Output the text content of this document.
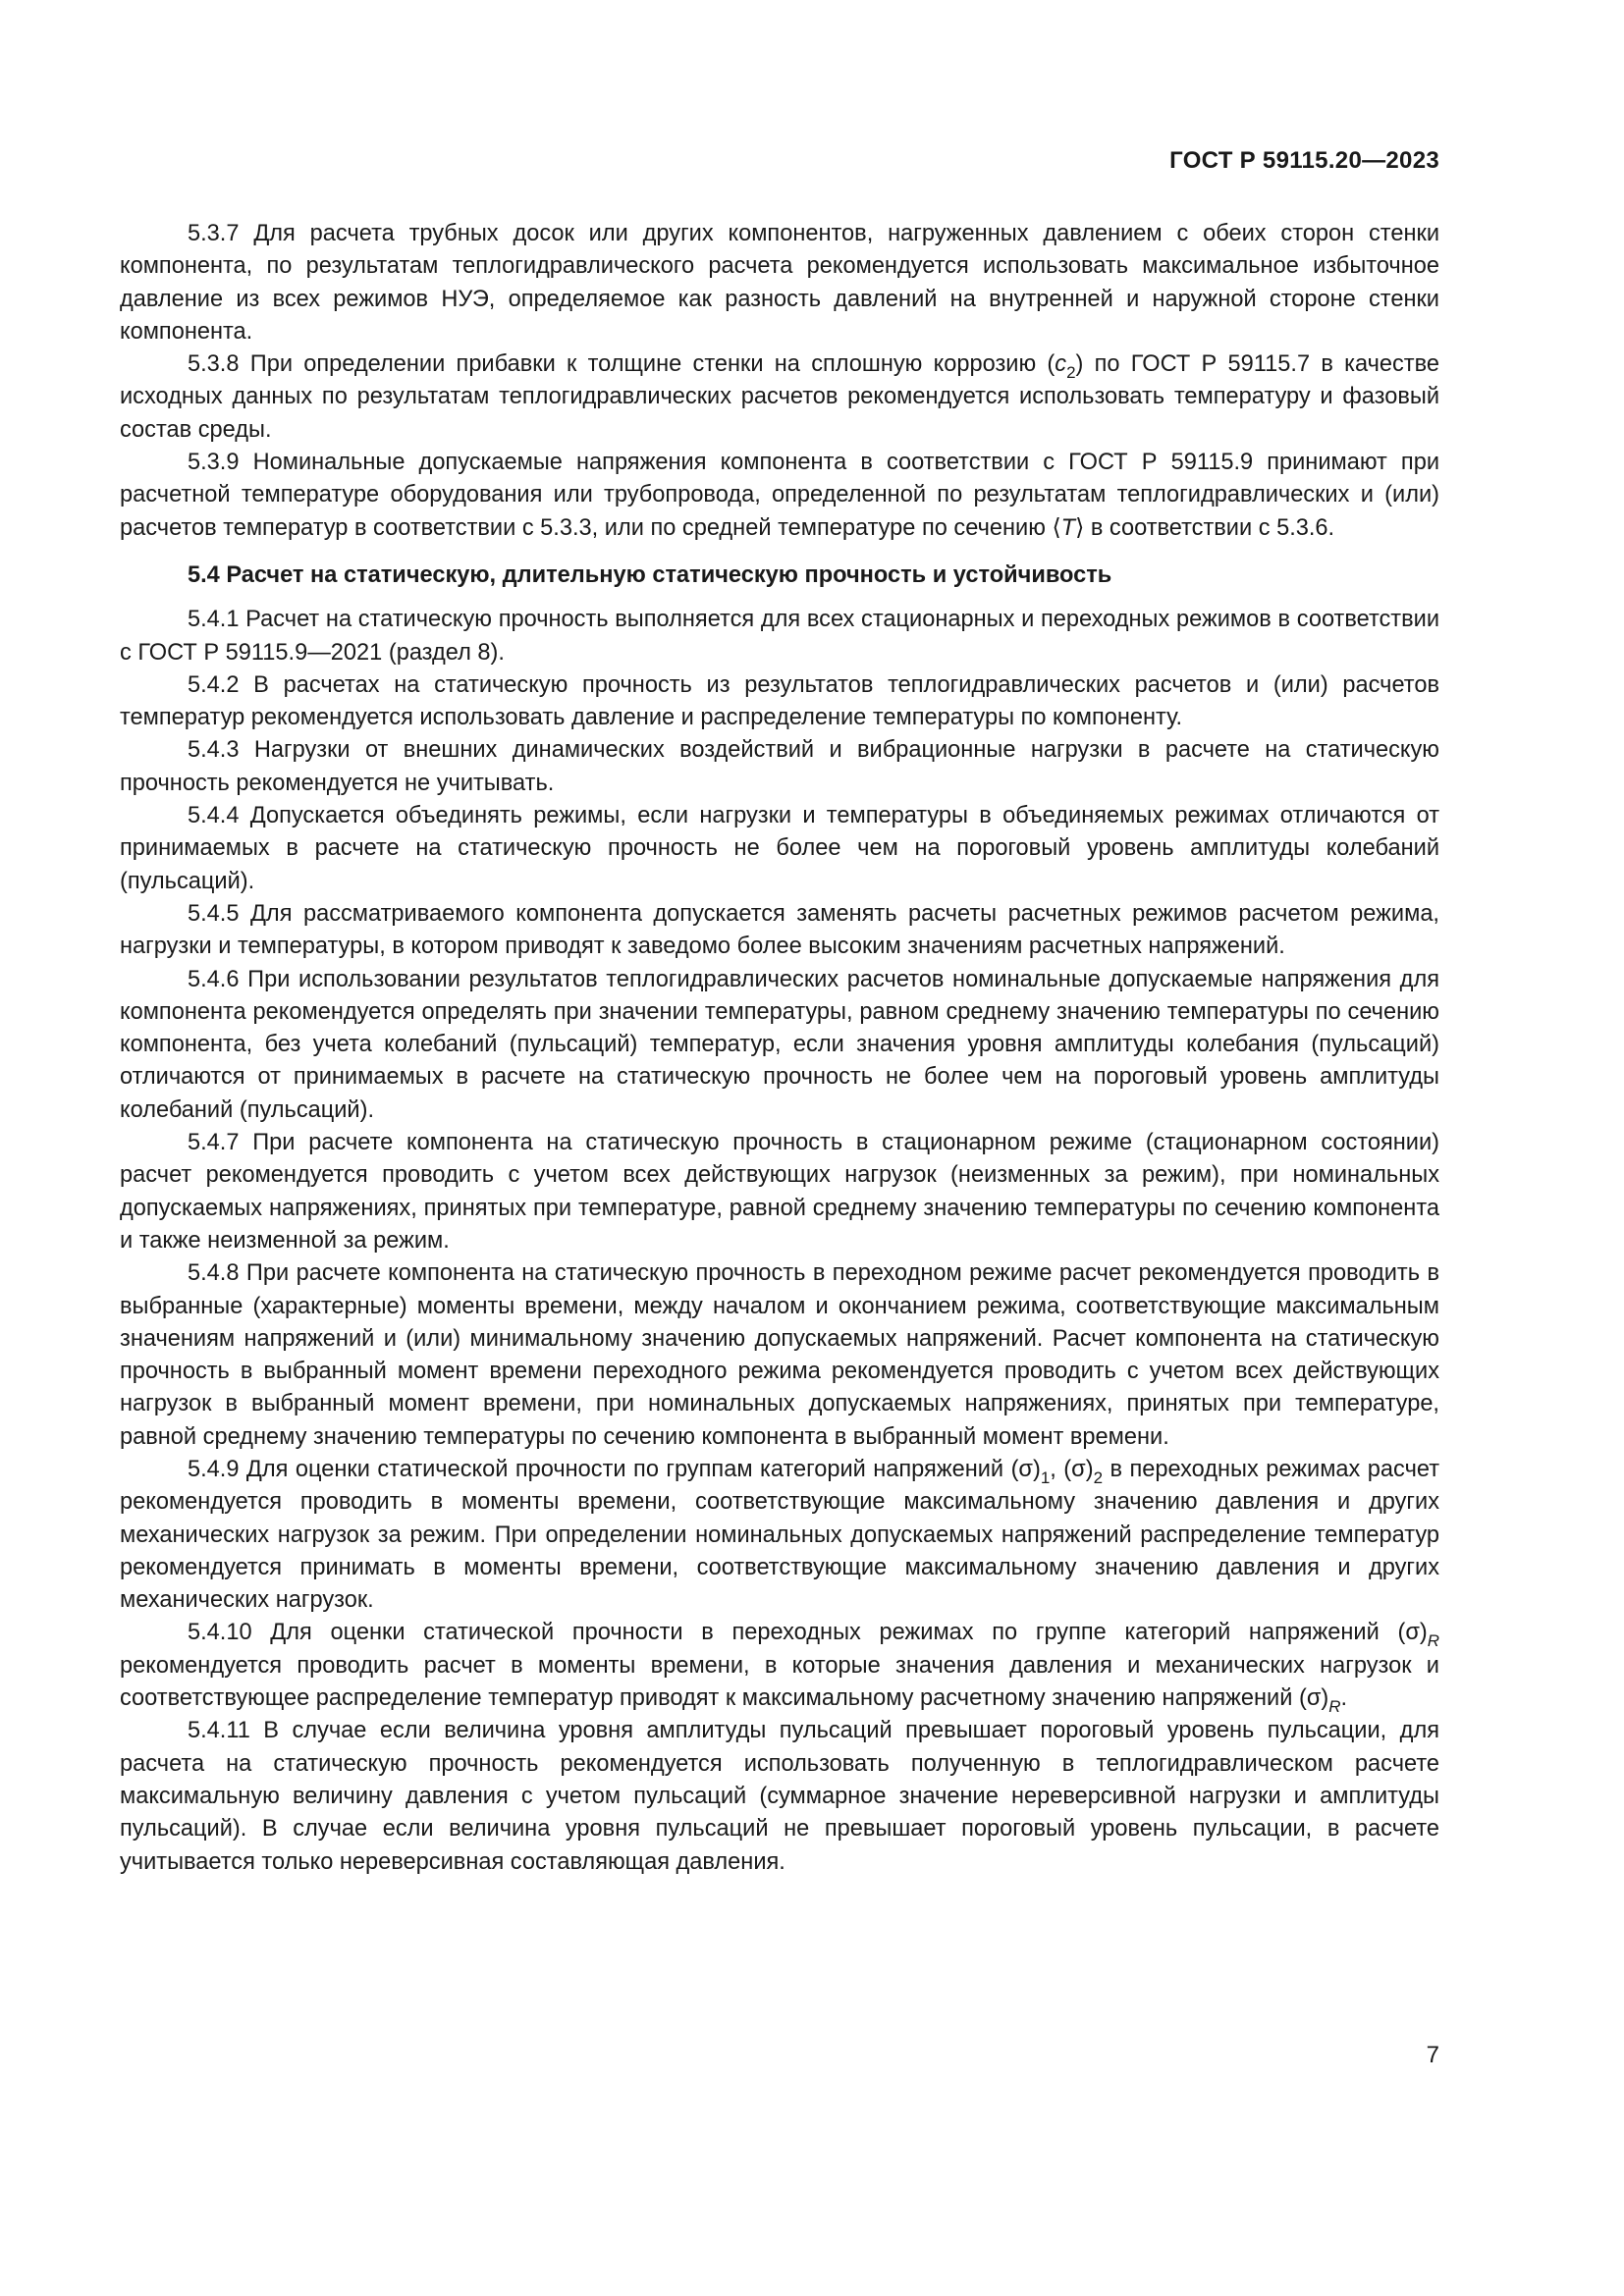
ГОСТ Р 59115.20—2023

5.3.7 Для расчета трубных досок или других компонентов, нагруженных давлением с обеих сторон стенки компонента, по результатам теплогидравлического расчета рекомендуется использовать максимальное избыточное давление из всех режимов НУЭ, определяемое как разность давлений на внутренней и наружной стороне стенки компонента.

5.3.8 При определении прибавки к толщине стенки на сплошную коррозию $(c_2)$ по ГОСТ Р 59115.7 в качестве исходных данных по результатам теплогидравлических расчетов рекомендуется использовать температуру и фазовый состав среды.

5.3.9 Номинальные допускаемые напряжения компонента в соответствии с ГОСТ Р 59115.9 принимают при расчетной температуре оборудования или трубопровода, определенной по результатам теплогидравлических и (или) расчетов температур в соответствии с 5.3.3, или по средней температуре по сечению ⟨T⟩ в соответствии с 5.3.6.

5.4 Расчет на статическую, длительную статическую прочность и устойчивость

5.4.1 Расчет на статическую прочность выполняется для всех стационарных и переходных режимов в соответствии с ГОСТ Р 59115.9—2021 (раздел 8).

5.4.2 В расчетах на статическую прочность из результатов теплогидравлических расчетов и (или) расчетов температур рекомендуется использовать давление и распределение температуры по компоненту.

5.4.3 Нагрузки от внешних динамических воздействий и вибрационные нагрузки в расчете на статическую прочность рекомендуется не учитывать.

5.4.4 Допускается объединять режимы, если нагрузки и температуры в объединяемых режимах отличаются от принимаемых в расчете на статическую прочность не более чем на пороговый уровень амплитуды колебаний (пульсаций).

5.4.5 Для рассматриваемого компонента допускается заменять расчеты расчетных режимов расчетом режима, нагрузки и температуры, в котором приводят к заведомо более высоким значениям расчетных напряжений.

5.4.6 При использовании результатов теплогидравлических расчетов номинальные допускаемые напряжения для компонента рекомендуется определять при значении температуры, равном среднему значению температуры по сечению компонента, без учета колебаний (пульсаций) температур, если значения уровня амплитуды колебания (пульсаций) отличаются от принимаемых в расчете на статическую прочность не более чем на пороговый уровень амплитуды колебаний (пульсаций).

5.4.7 При расчете компонента на статическую прочность в стационарном режиме (стационарном состоянии) расчет рекомендуется проводить с учетом всех действующих нагрузок (неизменных за режим), при номинальных допускаемых напряжениях, принятых при температуре, равной среднему значению температуры по сечению компонента и также неизменной за режим.

5.4.8 При расчете компонента на статическую прочность в переходном режиме расчет рекомендуется проводить в выбранные (характерные) моменты времени, между началом и окончанием режима, соответствующие максимальным значениям напряжений и (или) минимальному значению допускаемых напряжений. Расчет компонента на статическую прочность в выбранный момент времени переходного режима рекомендуется проводить с учетом всех действующих нагрузок в выбранный момент времени, при номинальных допускаемых напряжениях, принятых при температуре, равной среднему значению температуры по сечению компонента в выбранный момент времени.

5.4.9 Для оценки статической прочности по группам категорий напряжений $(\sigma)_1$, $(\sigma)_2$ в переходных режимах расчет рекомендуется проводить в моменты времени, соответствующие максимальному значению давления и других механических нагрузок за режим. При определении номинальных допускаемых напряжений распределение температур рекомендуется принимать в моменты времени, соответствующие максимальному значению давления и других механических нагрузок.

5.4.10 Для оценки статической прочности в переходных режимах по группе категорий напряжений $(\sigma)_R$ рекомендуется проводить расчет в моменты времени, в которые значения давления и механических нагрузок и соответствующее распределение температур приводят к максимальному расчетному значению напряжений $(\sigma)_R$.

5.4.11 В случае если величина уровня амплитуды пульсаций превышает пороговый уровень пульсации, для расчета на статическую прочность рекомендуется использовать полученную в теплогидравлическом расчете максимальную величину давления с учетом пульсаций (суммарное значение нереверсивной нагрузки и амплитуды пульсаций). В случае если величина уровня пульсаций не превышает пороговый уровень пульсации, в расчете учитывается только нереверсивная составляющая давления.

7
